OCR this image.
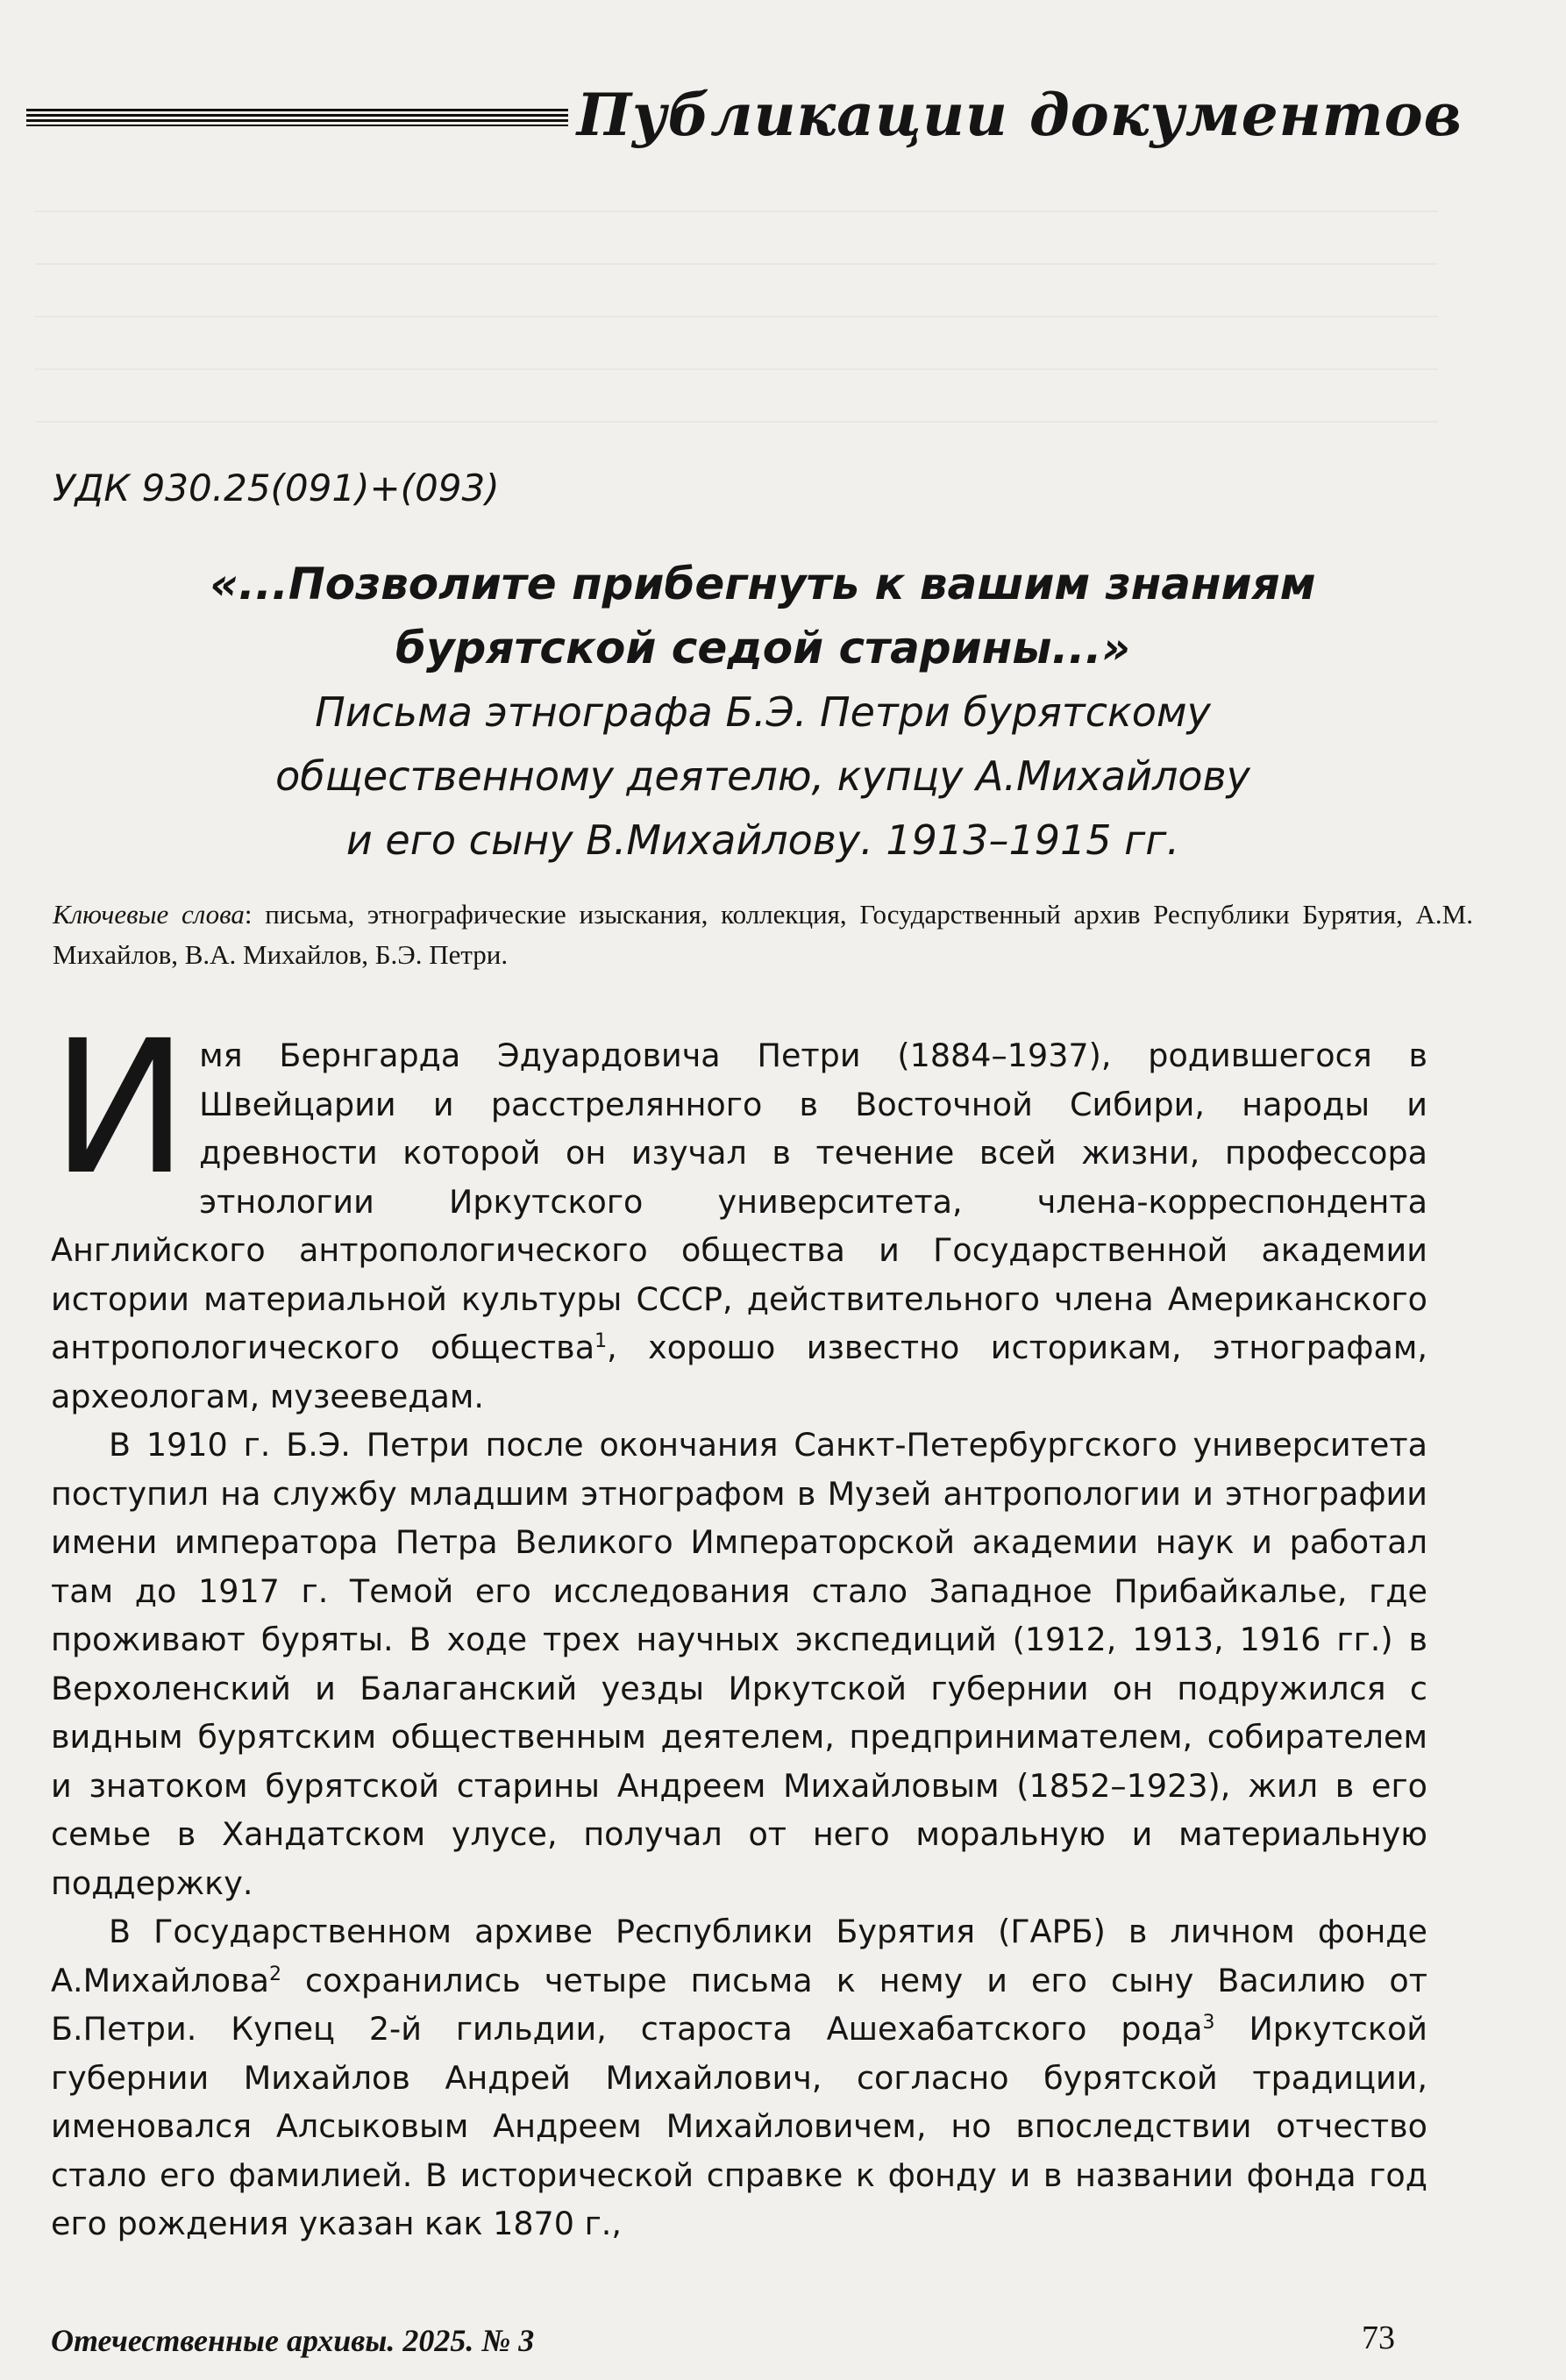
Публикации документов

УДК 930.25(091)+(093)

«...Позволите прибегнуть к вашим знаниям
бурятской седой старины...»

Письма этнографа Б.Э. Петри бурятскому
общественному деятелю, купцу А.Михайлову
и его сыну В.Михайлову. 1913–1915 гг.

Ключевые слова: письма, этнографические изыскания, коллекция, Государственный архив Республики Бурятия, А.М. Михайлов, В.А. Михайлов, Б.Э. Петри.

Имя Бернгарда Эдуардовича Петри (1884–1937), родившегося в Швейцарии и расстрелянного в Восточной Сибири, народы и древности которой он изучал в течение всей жизни, профессора этнологии Иркутского университета, члена-корреспондента Английского антропологического общества и Государственной академии истории материальной культуры СССР, действительного члена Американского антропологического общества$^1$, хорошо известно историкам, этнографам, археологам, музееведам.

В 1910 г. Б.Э. Петри после окончания Санкт-Петербургского университета поступил на службу младшим этнографом в Музей антропологии и этнографии имени императора Петра Великого Императорской академии наук и работал там до 1917 г. Темой его исследования стало Западное Прибайкалье, где проживают буряты. В ходе трех научных экспедиций (1912, 1913, 1916 гг.) в Верхоленский и Балаганский уезды Иркутской губернии он подружился с видным бурятским общественным деятелем, предпринимателем, собирателем и знатоком бурятской старины Андреем Михайловым (1852–1923), жил в его семье в Хандатском улусе, получал от него моральную и материальную поддержку.

В Государственном архиве Республики Бурятия (ГАРБ) в личном фонде А.Михайлова$^2$ сохранились четыре письма к нему и его сыну Василию от Б.Петри. Купец 2-й гильдии, староста Ашехабатского рода$^3$ Иркутской губернии Михайлов Андрей Михайлович, согласно бурятской традиции, именовался Алсыковым Андреем Михайловичем, но впоследствии отчество стало его фамилией. В исторической справке к фонду и в названии фонда год его рождения указан как 1870 г.,

Отечественные архивы. 2025. № 3	73
